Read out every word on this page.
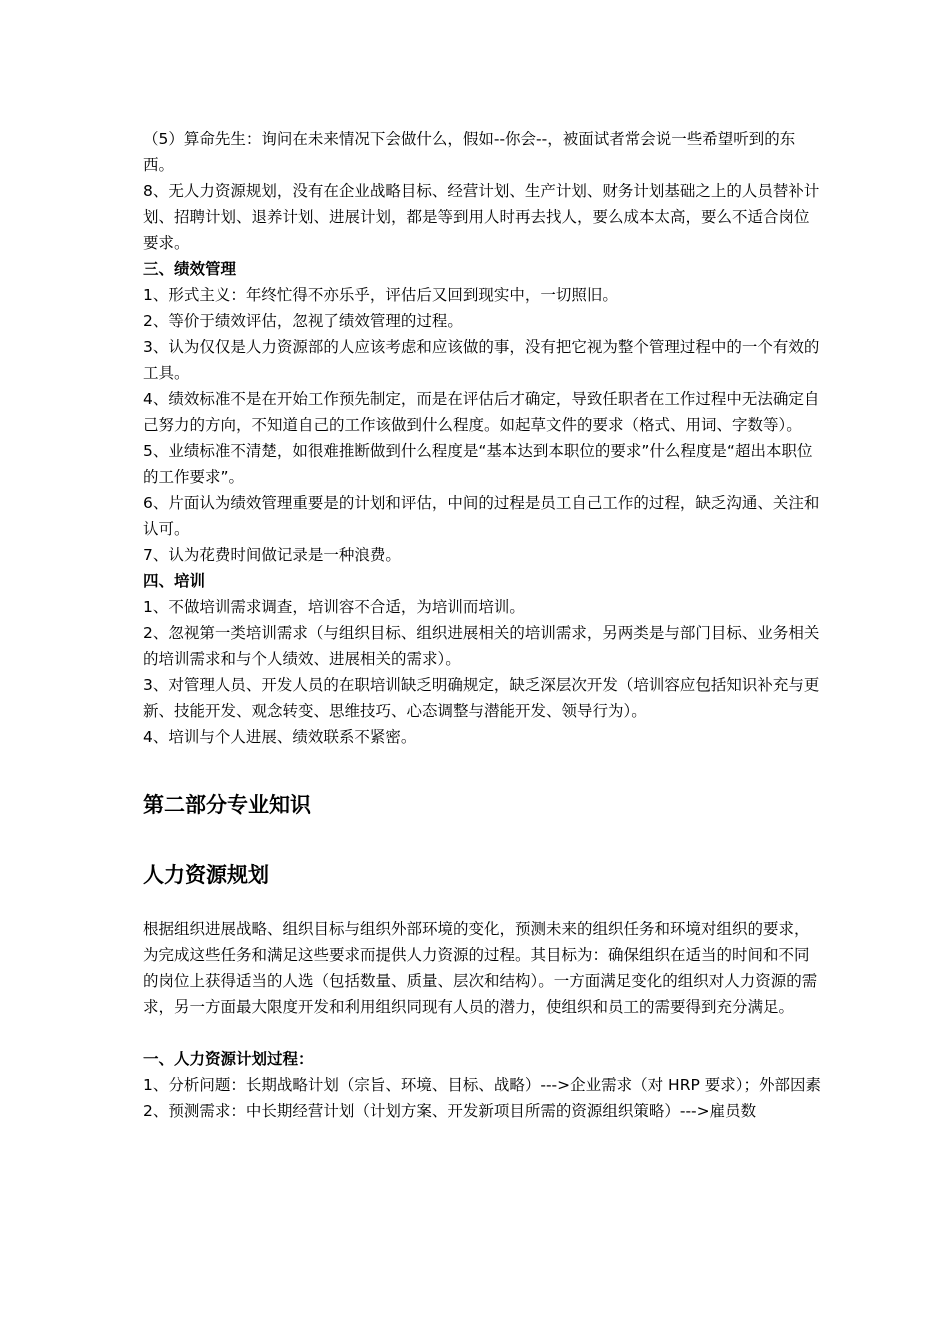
（5）算命先生：询问在未来情况下会做什么，假如--你会--，被面试者常会说一些希望听到的东西。

8、无人力资源规划，没有在企业战略目标、经营计划、生产计划、财务计划基础之上的人员替补计划、招聘计划、退养计划、进展计划，都是等到用人时再去找人，要么成本太高，要么不适合岗位要求。

三、绩效管理

1、形式主义：年终忙得不亦乐乎，评估后又回到现实中，一切照旧。

2、等价于绩效评估，忽视了绩效管理的过程。

3、认为仅仅是人力资源部的人应该考虑和应该做的事，没有把它视为整个管理过程中的一个有效的工具。

4、绩效标准不是在开始工作预先制定，而是在评估后才确定，导致任职者在工作过程中无法确定自己努力的方向，不知道自己的工作该做到什么程度。如起草文件的要求（格式、用词、字数等）。

5、业绩标准不清楚，如很难推断做到什么程度是“基本达到本职位的要求”什么程度是“超出本职位的工作要求”。

6、片面认为绩效管理重要是的计划和评估，中间的过程是员工自己工作的过程，缺乏沟通、关注和认可。

7、认为花费时间做记录是一种浪费。

四、培训

1、不做培训需求调查，培训容不合适，为培训而培训。

2、忽视第一类培训需求（与组织目标、组织进展相关的培训需求，另两类是与部门目标、业务相关的培训需求和与个人绩效、进展相关的需求）。

3、对管理人员、开发人员的在职培训缺乏明确规定，缺乏深层次开发（培训容应包括知识补充与更新、技能开发、观念转变、思维技巧、心态调整与潜能开发、领导行为）。

4、培训与个人进展、绩效联系不紧密。

第二部分专业知识

人力资源规划

根据组织进展战略、组织目标与组织外部环境的变化，预测未来的组织任务和环境对组织的要求，为完成这些任务和满足这些要求而提供人力资源的过程。其目标为：确保组织在适当的时间和不同的岗位上获得适当的人选（包括数量、质量、层次和结构）。一方面满足变化的组织对人力资源的需求，另一方面最大限度开发和利用组织同现有人员的潜力，使组织和员工的需要得到充分满足。

一、人力资源计划过程：

1、分析问题：长期战略计划（宗旨、环境、目标、战略）--->企业需求（对 HRP 要求）；外部因素

2、预测需求：中长期经营计划（计划方案、开发新项目所需的资源组织策略）--->雇员数
